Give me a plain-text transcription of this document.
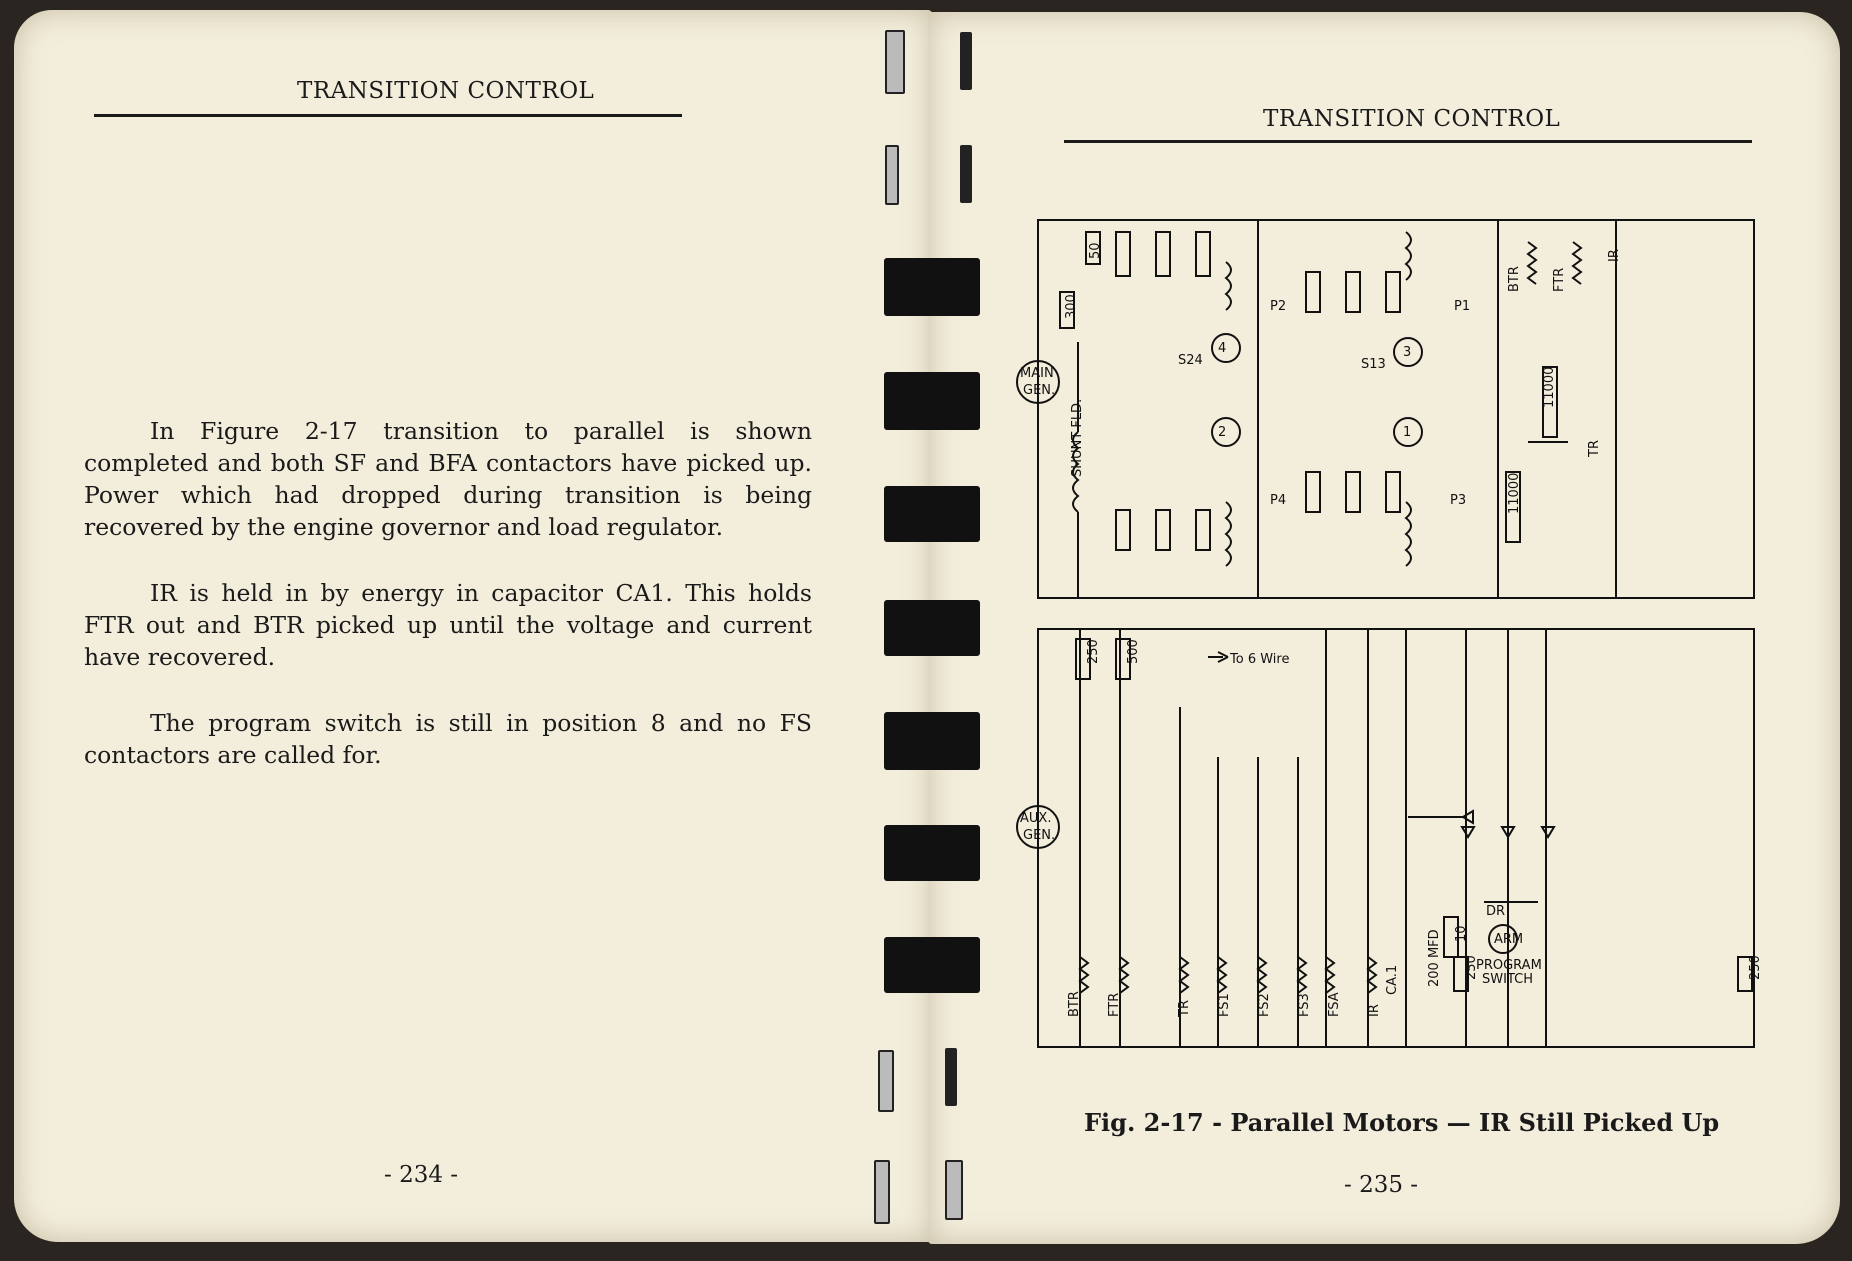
TRANSITION CONTROL

In Figure 2-17 transition to parallel is shown completed and both SF and BFA contactors have picked up. Power which had dropped during transition is being recovered by the engine governor and load regulator.

IR is held in by energy in capacitor CA1. This holds FTR out and BTR picked up until the voltage and current have recovered.

The program switch is still in position 8 and no FS contactors are called for.

- 234 -
TRANSITION CONTROL
MAIN
GEN.
50
300
SHUNT FLD.
4
2
3
1
S24	S13
P2	P1
P4	P3
11000
11000
BTR FTR
IR
TR
AUX.
GEN.
To 6 Wire
250 500
10
250	250
ARM
DR
PROGRAM
SWITCH
200 MFD
CA.1
BTR FTR	TR FS1 FS2 FS3 FSA IR
Fig. 2-17 - Parallel Motors — IR Still Picked Up
- 235 -
